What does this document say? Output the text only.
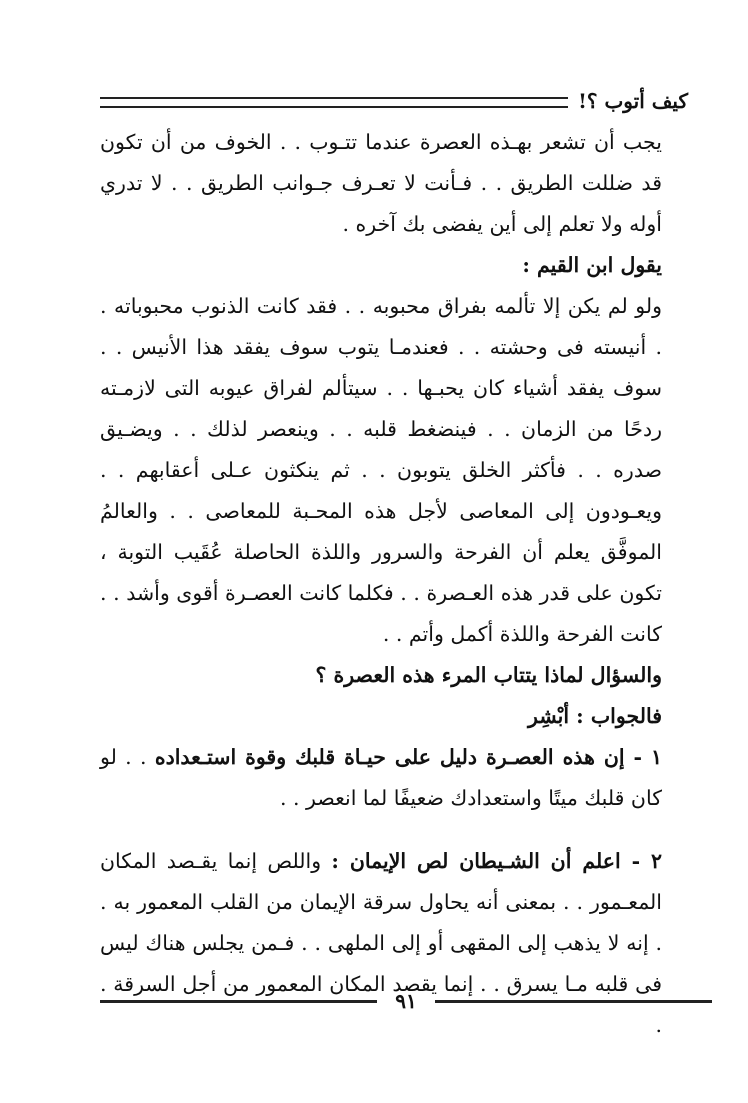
كيف أتوب ؟!

يجب أن تشعر بهـذه العصرة عندما تتـوب . . الخوف من أن تكون قد ضللت الطريق . . فـأنت لا تعـرف جـوانب الطريق . . لا تدري أوله ولا تعلم إلى أين يفضى بك آخره .

يقول ابن القيم :

ولو لم يكن إلا تألمه بفراق محبوبه . . فقد كانت الذنوب محبوباته . . أنيسته فى وحشته . . فعندمـا يتوب سوف يفقد هذا الأنيس . . سوف يفقد أشياء كان يحبـها . . سيتألم لفراق عيوبه التى لازمـته ردحًا من الزمان . . فينضغط قلبه . . وينعصر لذلك . . ويضـيق صدره . . فأكثر الخلق يتوبون . . ثم ينكثون عـلى أعقابهم . . ويعـودون إلى المعاصى لأجل هذه المحـبة للمعاصى . . والعالمُ الموفَّق يعلم أن الفرحة والسرور واللذة الحاصلة عُقَيب التوبة ، تكون على قدر هذه العـصرة . . فكلما كانت العصـرة أقوى وأشد . . كانت الفرحة واللذة أكمل وأتم . .

والسؤال لماذا يتتاب المرء هذه العصرة ؟

فالجواب : أبْشِر

١ - إن هذه العصـرة دليل على حيـاة قلبك وقوة استـعداده . . لو كان قلبك ميتًا واستعدادك ضعيفًا لما انعصر . .

٢ - اعلم أن الشـيطان لص الإيمان : واللص إنما يقـصد المكان المعـمور . . بمعنى أنه يحاول سرقة الإيمان من القلب المعمور به . . إنه لا يذهب إلى المقهى أو إلى الملهى . . فـمن يجلس هناك ليس فى قلبه مـا يسرق . . إنما يقصد المكان المعمور من أجل السرقة . .

٩١
